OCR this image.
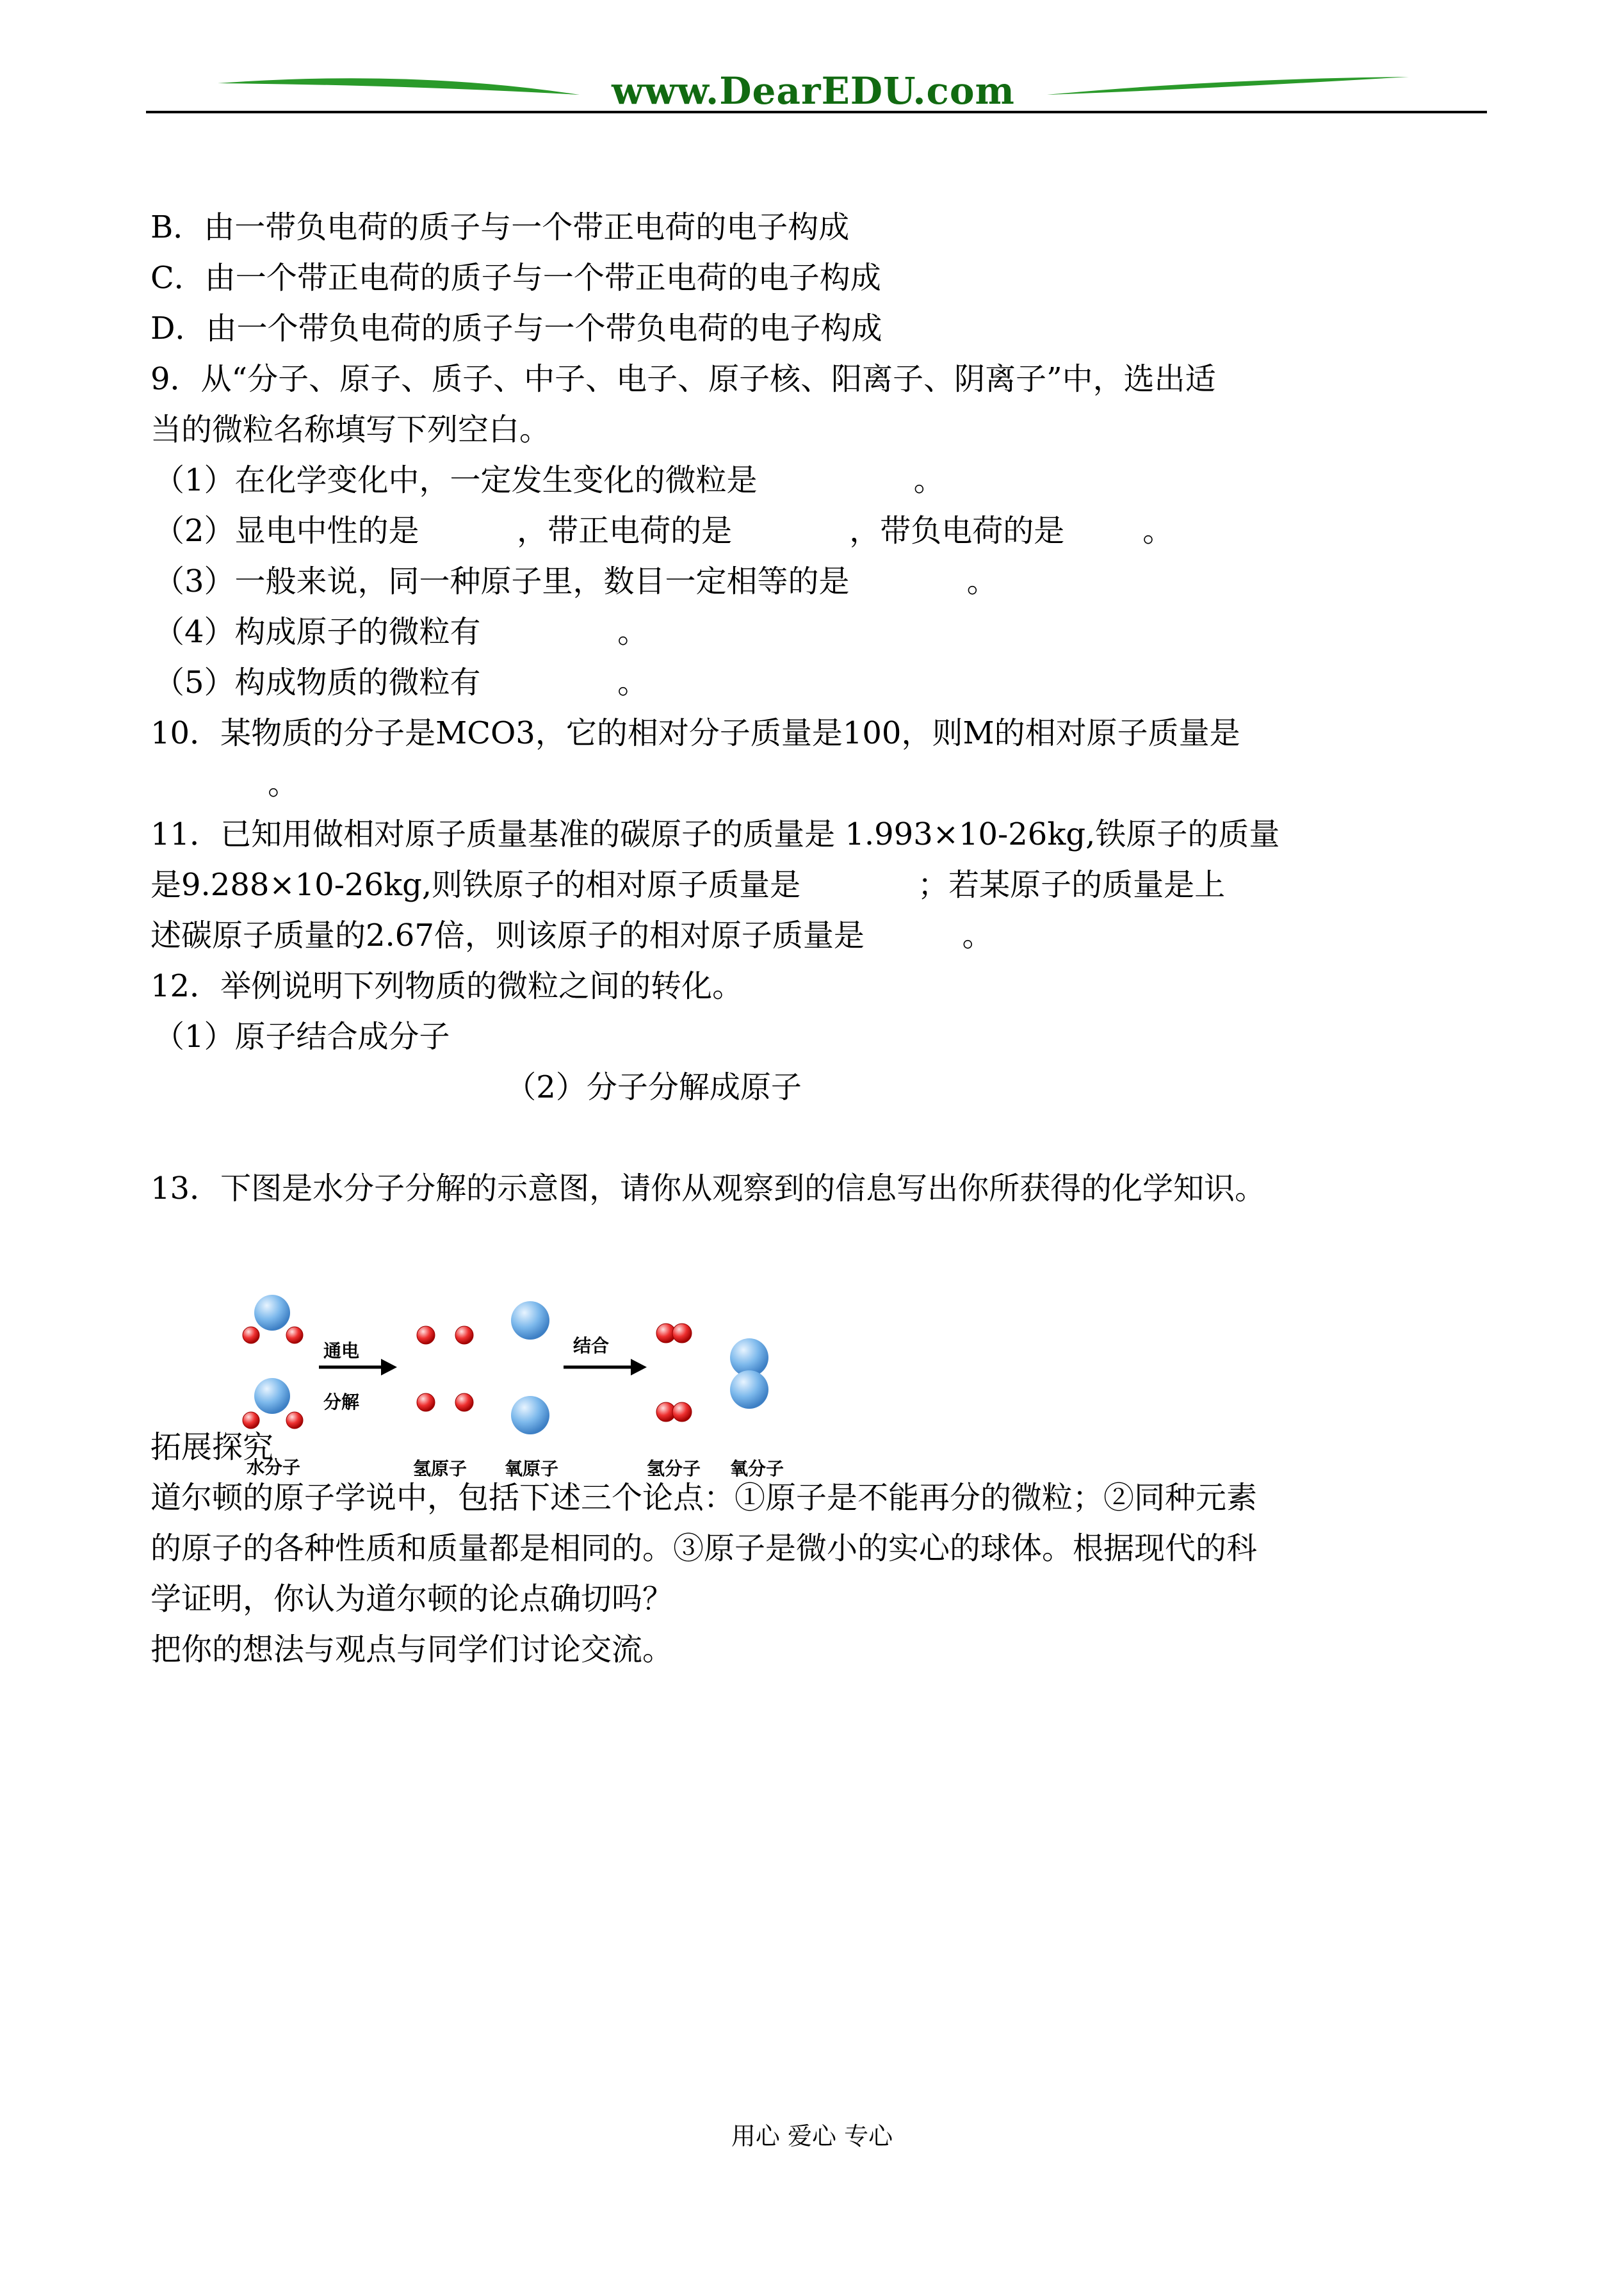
www.DearEDU.com
B．由一带负电荷的质子与一个带正电荷的电子构成
C．由一个带正电荷的质子与一个带正电荷的电子构成
D．由一个带负电荷的质子与一个带负电荷的电子构成
9．从“分子、原子、质子、中子、电子、原子核、阳离子、阴离子”中，选出适
当的微粒名称填写下列空白。
（1）在化学变化中，一定发生变化的微粒是                。
（2）显电中性的是          ，带正电荷的是            ，带负电荷的是        。
（3）一般来说，同一种原子里，数目一定相等的是            。
（4）构成原子的微粒有              。
（5）构成物质的微粒有              。
10．某物质的分子是MCO3，它的相对分子质量是100，则M的相对原子质量是
。
11．已知用做相对原子质量基准的碳原子的质量是 1.993×10-26kg,铁原子的质量
是9.288×10-26kg,则铁原子的相对原子质量是            ；若某原子的质量是上
述碳原子质量的2.67倍，则该原子的相对原子质量是          。
12．举例说明下列物质的微粒之间的转化。
（1）原子结合成分子
（2）分子分解成原子
13．下图是水分子分解的示意图，请你从观察到的信息写出你所获得的化学知识。
通电
分解
结合
水分子	氢原子 氧原子	氢分子 氧分子
拓展探究
道尔顿的原子学说中，包括下述三个论点：①原子是不能再分的微粒；②同种元素
的原子的各种性质和质量都是相同的。③原子是微小的实心的球体。根据现代的科
学证明，你认为道尔顿的论点确切吗？
把你的想法与观点与同学们讨论交流。
用心 爱心 专心
